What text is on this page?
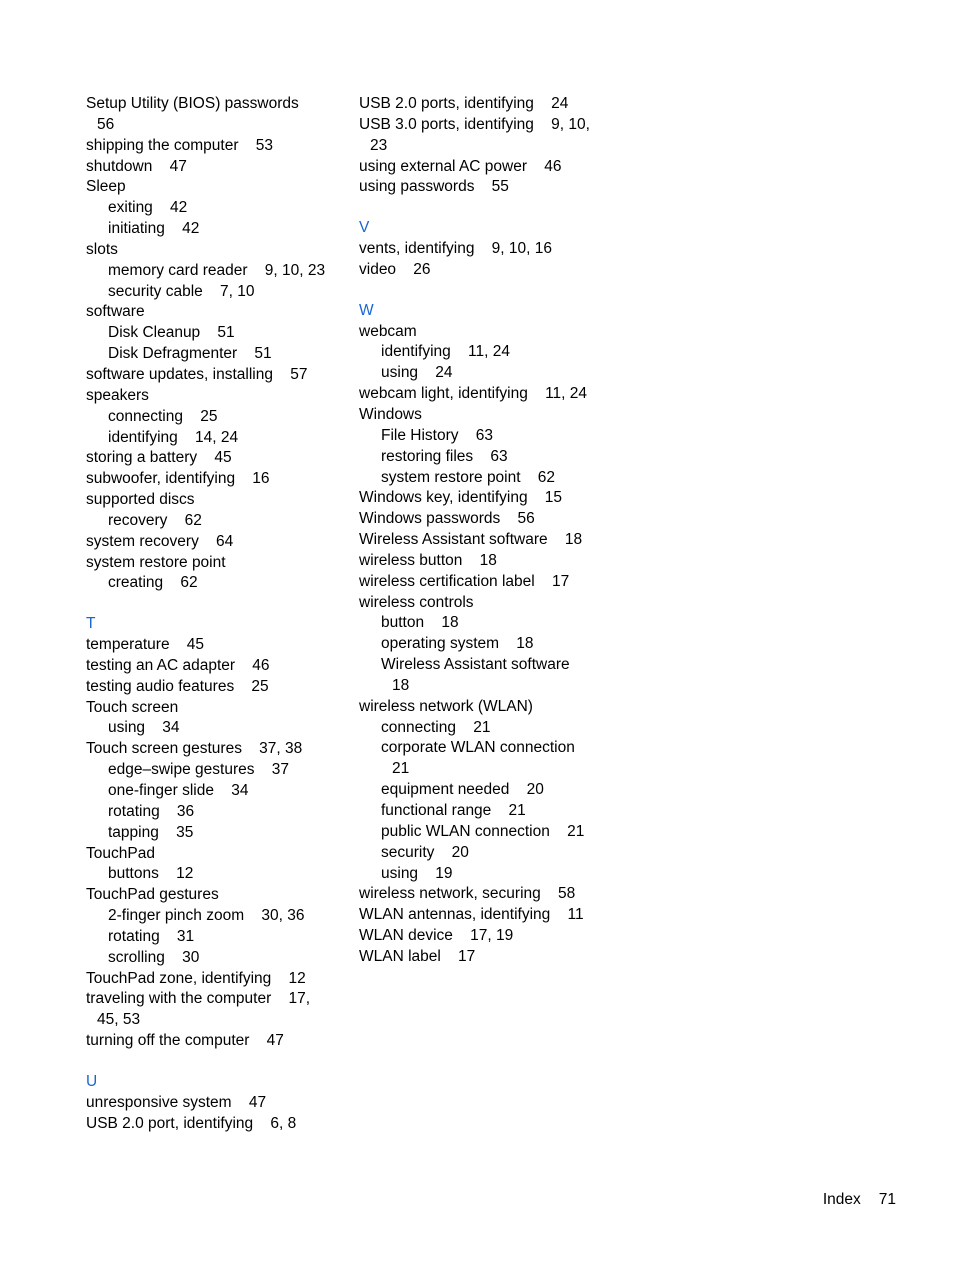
Setup Utility (BIOS) passwords
56
shipping the computer    53
shutdown    47
Sleep
exiting    42
initiating    42
slots
memory card reader    9, 10, 23
security cable    7, 10
software
Disk Cleanup    51
Disk Defragmenter    51
software updates, installing    57
speakers
connecting    25
identifying    14, 24
storing a battery    45
subwoofer, identifying    16
supported discs
recovery    62
system recovery    64
system restore point
creating    62
T
temperature    45
testing an AC adapter    46
testing audio features    25
Touch screen
using    34
Touch screen gestures    37, 38
edge–swipe gestures    37
one-finger slide    34
rotating    36
tapping    35
TouchPad
buttons    12
TouchPad gestures
2-finger pinch zoom    30, 36
rotating    31
scrolling    30
TouchPad zone, identifying    12
traveling with the computer    17,
45, 53
turning off the computer    47
U
unresponsive system    47
USB 2.0 port, identifying    6, 8
USB 2.0 ports, identifying    24
USB 3.0 ports, identifying    9, 10,
23
using external AC power    46
using passwords    55
V
vents, identifying    9, 10, 16
video    26
W
webcam
identifying    11, 24
using    24
webcam light, identifying    11, 24
Windows
File History    63
restoring files    63
system restore point    62
Windows key, identifying    15
Windows passwords    56
Wireless Assistant software    18
wireless button    18
wireless certification label    17
wireless controls
button    18
operating system    18
Wireless Assistant software
18
wireless network (WLAN)
connecting    21
corporate WLAN connection
21
equipment needed    20
functional range    21
public WLAN connection    21
security    20
using    19
wireless network, securing    58
WLAN antennas, identifying    11
WLAN device    17, 19
WLAN label    17
Index 71
